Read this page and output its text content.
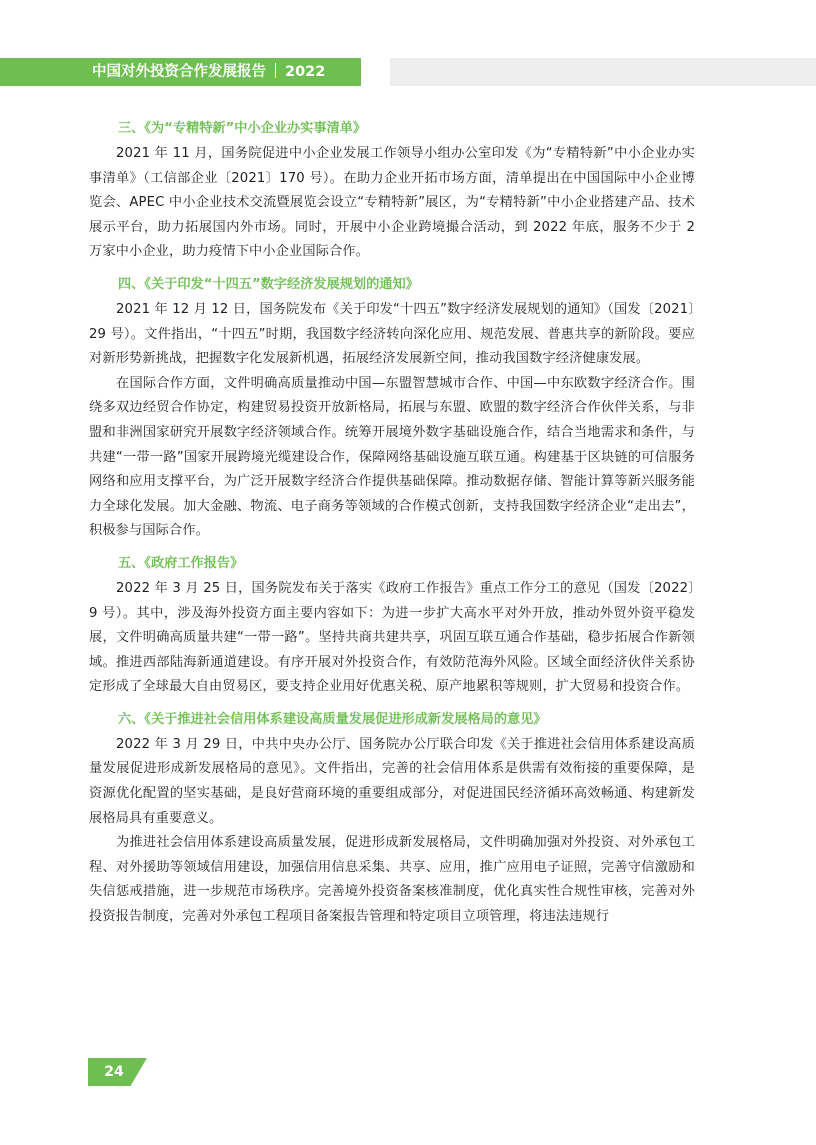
中国对外投资合作发展报告 2022

三、《为“专精特新”中小企业办实事清单》

2021 年 11 月，国务院促进中小企业发展工作领导小组办公室印发《为“专精特新”中小企业办实事清单》（工信部企业〔2021〕170 号）。在助力企业开拓市场方面，清单提出在中国国际中小企业博览会、APEC 中小企业技术交流暨展览会设立“专精特新”展区，为“专精特新”中小企业搭建产品、技术展示平台，助力拓展国内外市场。同时，开展中小企业跨境撮合活动，到 2022 年底，服务不少于 2 万家中小企业，助力疫情下中小企业国际合作。

四、《关于印发“十四五”数字经济发展规划的通知》

2021 年 12 月 12 日，国务院发布《关于印发“十四五”数字经济发展规划的通知》（国发〔2021〕29 号）。文件指出，“十四五”时期，我国数字经济转向深化应用、规范发展、普惠共享的新阶段。要应对新形势新挑战，把握数字化发展新机遇，拓展经济发展新空间，推动我国数字经济健康发展。

在国际合作方面，文件明确高质量推动中国—东盟智慧城市合作、中国—中东欧数字经济合作。围绕多双边经贸合作协定，构建贸易投资开放新格局，拓展与东盟、欧盟的数字经济合作伙伴关系，与非盟和非洲国家研究开展数字经济领域合作。统筹开展境外数字基础设施合作，结合当地需求和条件，与共建“一带一路”国家开展跨境光缆建设合作，保障网络基础设施互联互通。构建基于区块链的可信服务网络和应用支撑平台，为广泛开展数字经济合作提供基础保障。推动数据存储、智能计算等新兴服务能力全球化发展。加大金融、物流、电子商务等领域的合作模式创新，支持我国数字经济企业“走出去”，积极参与国际合作。

五、《政府工作报告》

2022 年 3 月 25 日，国务院发布关于落实《政府工作报告》重点工作分工的意见（国发〔2022〕9 号）。其中，涉及海外投资方面主要内容如下：为进一步扩大高水平对外开放，推动外贸外资平稳发展，文件明确高质量共建“一带一路”。坚持共商共建共享，巩固互联互通合作基础，稳步拓展合作新领域。推进西部陆海新通道建设。有序开展对外投资合作，有效防范海外风险。区域全面经济伙伴关系协定形成了全球最大自由贸易区，要支持企业用好优惠关税、原产地累积等规则，扩大贸易和投资合作。

六、《关于推进社会信用体系建设高质量发展促进形成新发展格局的意见》

2022 年 3 月 29 日，中共中央办公厅、国务院办公厅联合印发《关于推进社会信用体系建设高质量发展促进形成新发展格局的意见》。文件指出，完善的社会信用体系是供需有效衔接的重要保障，是资源优化配置的坚实基础，是良好营商环境的重要组成部分，对促进国民经济循环高效畅通、构建新发展格局具有重要意义。

为推进社会信用体系建设高质量发展，促进形成新发展格局，文件明确加强对外投资、对外承包工程、对外援助等领域信用建设，加强信用信息采集、共享、应用，推广应用电子证照，完善守信激励和失信惩戒措施，进一步规范市场秩序。完善境外投资备案核准制度，优化真实性合规性审核，完善对外投资报告制度，完善对外承包工程项目备案报告管理和特定项目立项管理，将违法违规行

24
